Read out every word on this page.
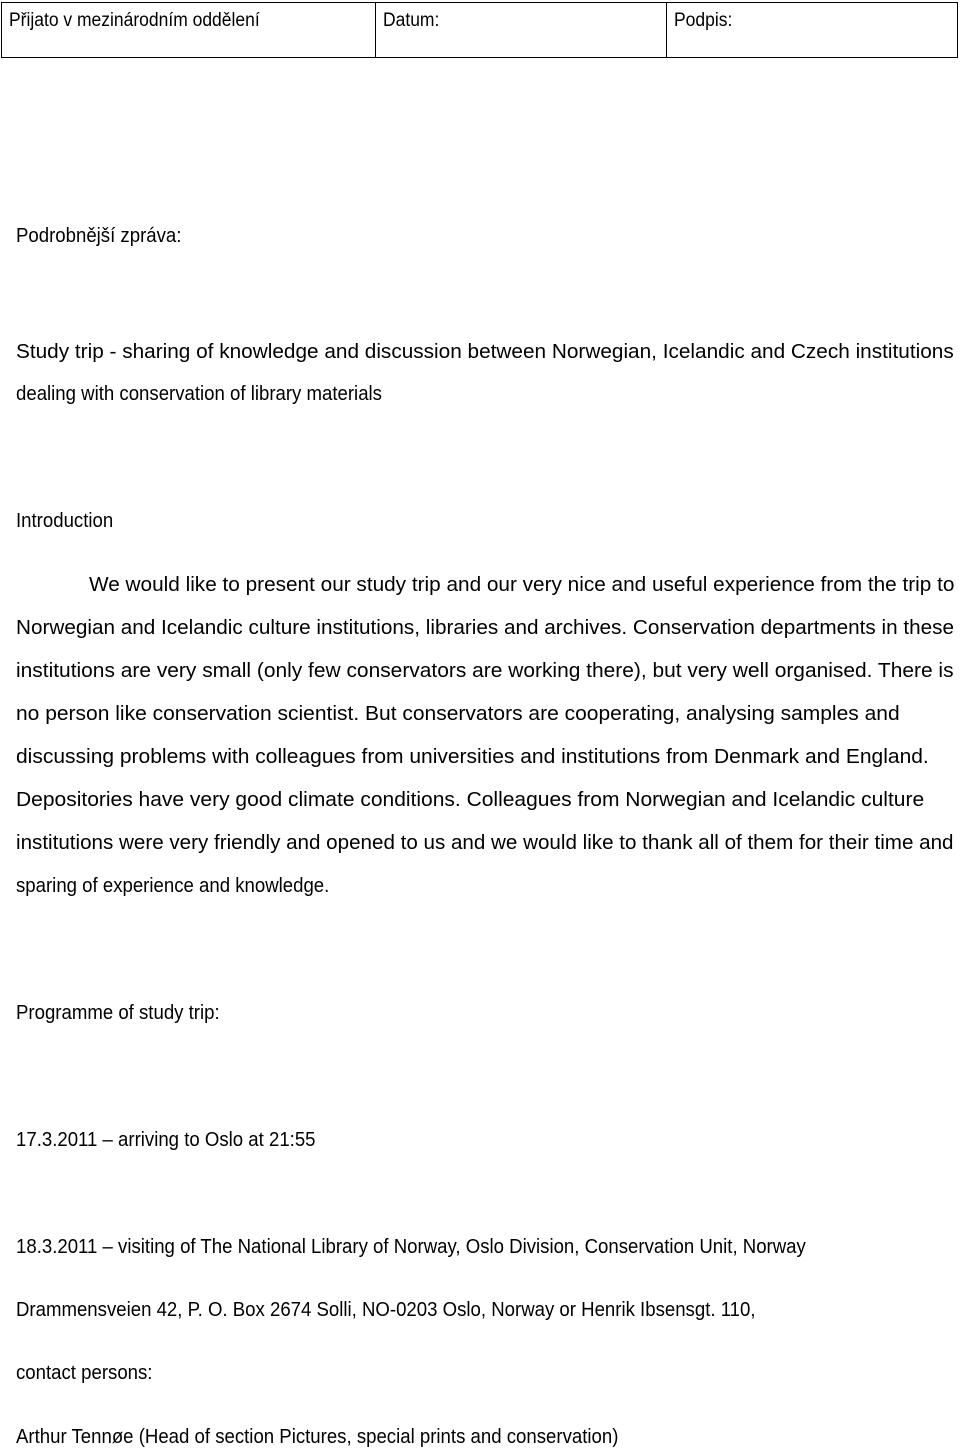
Přijato v mezinárodním oddělení	Datum:	Podpis:
Podrobnější zpráva:
Study trip - sharing of knowledge and discussion between Norwegian, Icelandic and Czech institutions
dealing with conservation of library materials
Introduction
We would like to present our study trip and our very nice and useful experience from the trip to
Norwegian and Icelandic culture institutions, libraries and archives. Conservation departments in these
institutions are very small (only few conservators are working there), but very well organised. There is
no person like conservation scientist. But conservators are cooperating, analysing samples and
discussing problems with colleagues from universities and institutions from Denmark and England.
Depositories have very good climate conditions. Colleagues from Norwegian and Icelandic culture
institutions were very friendly and opened to us and we would like to thank all of them for their time and
sparing of experience and knowledge.
Programme of study trip:
17.3.2011 – arriving to Oslo at 21:55
18.3.2011 – visiting of The National Library of Norway, Oslo Division, Conservation Unit, Norway
Drammensveien 42, P. O. Box 2674 Solli, NO-0203 Oslo, Norway or Henrik Ibsensgt. 110,
contact persons:
Arthur Tennøe (Head of section Pictures, special prints and conservation)
